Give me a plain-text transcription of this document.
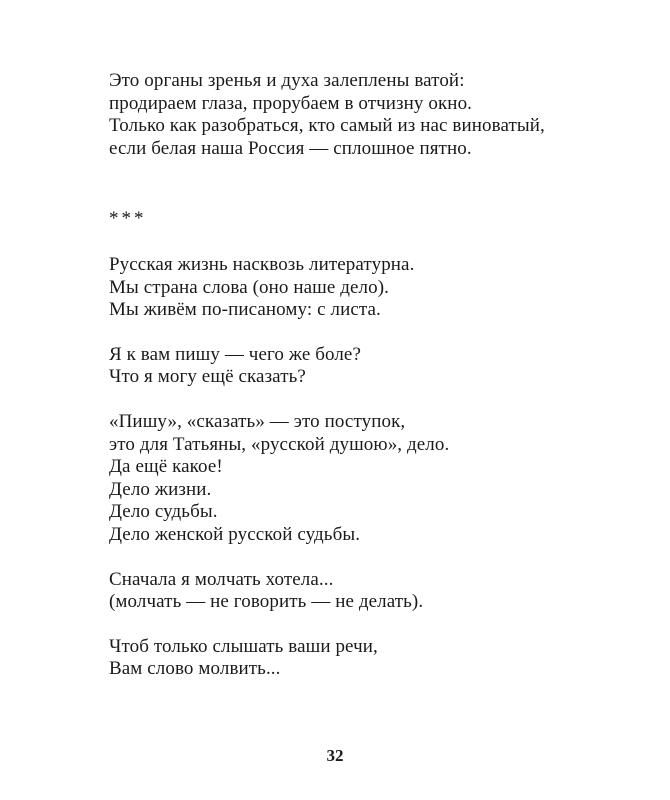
Это органы зренья и духа залеплены ватой:
продираем глаза, прорубаем в отчизну окно.
Только как разобраться, кто самый из нас виноватый,
если белая наша Россия — сплошное пятно.
***
Русская жизнь насквозь литературна.
Мы страна слова (оно наше дело).
Мы живём по-писаному: с листа.
Я к вам пишу — чего же боле?
Что я могу ещё сказать?
«Пишу», «сказать» — это поступок,
это для Татьяны, «русской душою», дело.
Да ещё какое!
Дело жизни.
Дело судьбы.
Дело женской русской судьбы.
Сначала я молчать хотела...
(молчать — не говорить — не делать).
Чтоб только слышать ваши речи,
Вам слово молвить...
32
